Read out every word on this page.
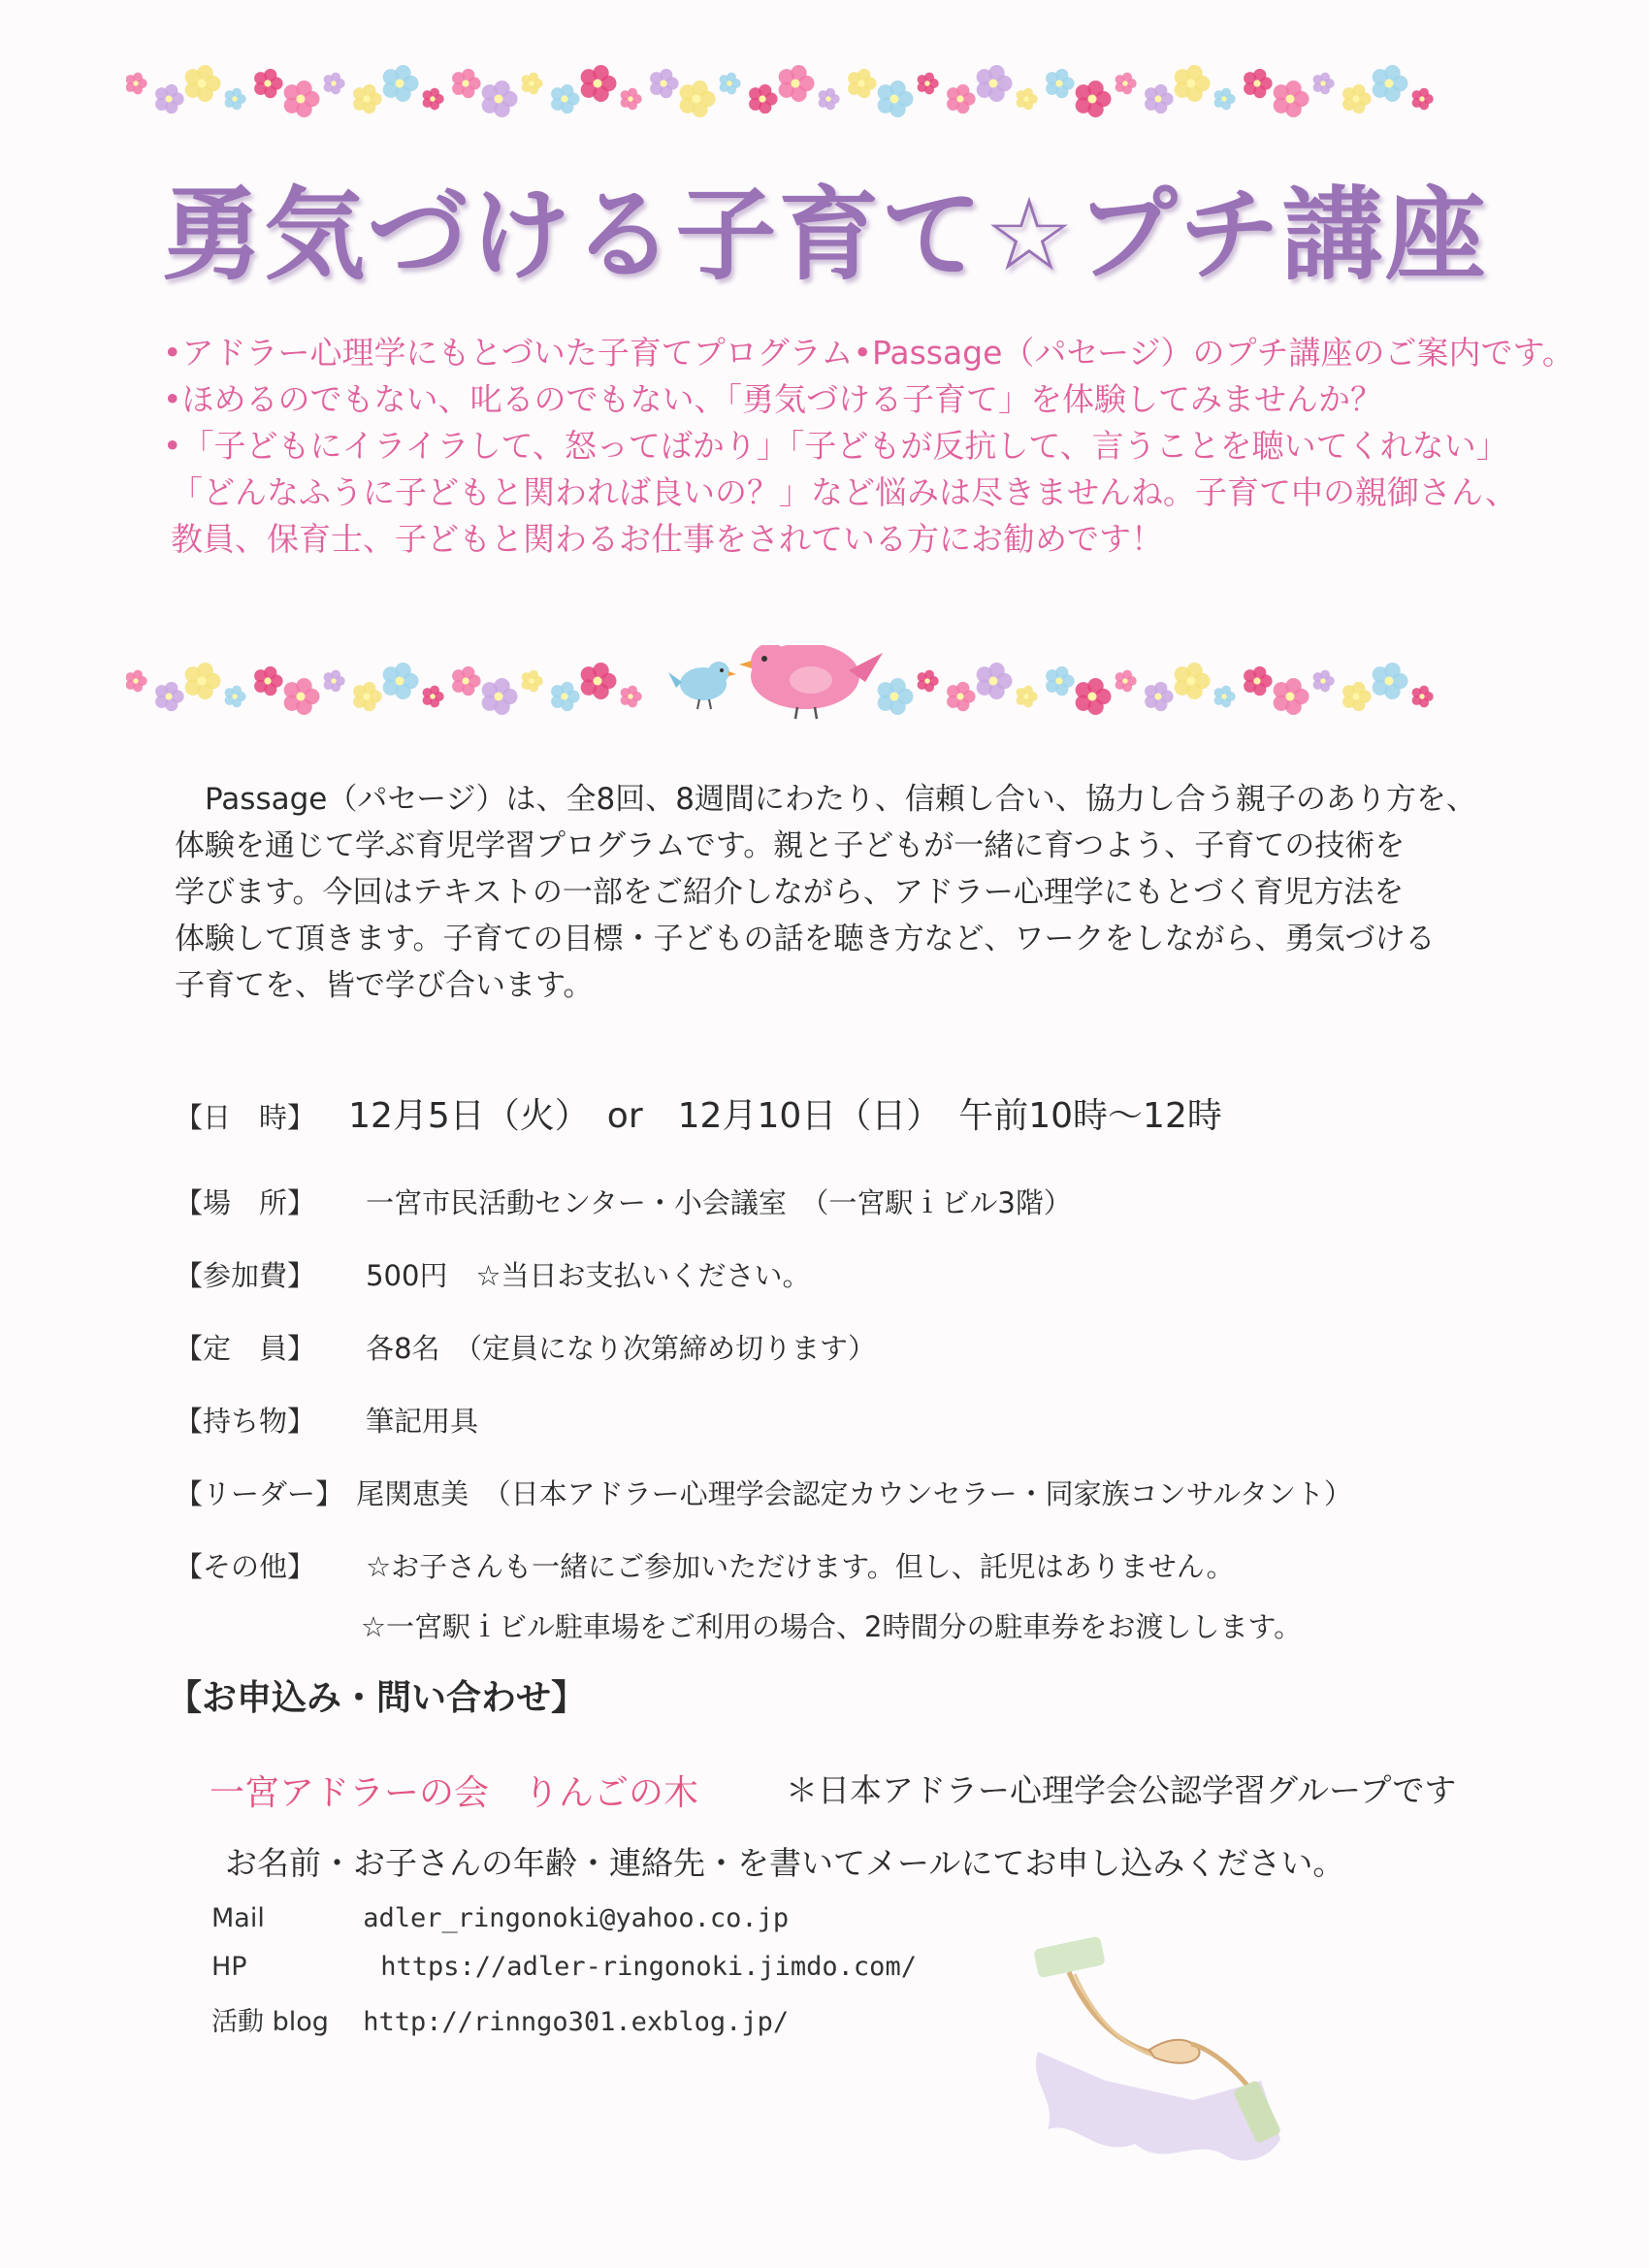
勇気づける子育て☆プチ講座
•アドラー心理学にもとづいた子育てプログラム•Passage（パセージ）のプチ講座のご案内です。
•ほめるのでもない、叱るのでもない、「勇気づける子育て」を体験してみませんか？
•「子どもにイライラして、怒ってばかり」「子どもが反抗して、言うことを聴いてくれない」
「どんなふうに子どもと関われば良いの？」など悩みは尽きませんね。子育て中の親御さん、
教員、保育士、子どもと関わるお仕事をされている方にお勧めです！
　Passage（パセージ）は、全8回、8週間にわたり、信頼し合い、協力し合う親子のあり方を、
体験を通じて学ぶ育児学習プログラムです。親と子どもが一緒に育つよう、子育ての技術を
学びます。今回はテキストの一部をご紹介しながら、アドラー心理学にもとづく育児方法を
体験して頂きます。子育ての目標・子どもの話を聴き方など、ワークをしながら、勇気づける
子育てを、皆で学び合います。
【日　時】 12月5日（火）　or　12月10日（日）　午前10時～12時
【場　所】 一宮市民活動センター・小会議室　（一宮駅ｉビル3階）
【参加費】 500円　☆当日お支払いください。
【定　員】 各8名　（定員になり次第締め切ります）
【持ち物】 筆記用具
【リーダー】 尾関恵美　（日本アドラー心理学会認定カウンセラー・同家族コンサルタント）
【その他】 ☆お子さんも一緒にご参加いただけます。但し、託児はありません。
☆一宮駅ｉビル駐車場をご利用の場合、2時間分の駐車券をお渡しします。
【お申込み・問い合わせ】
一宮アドラーの会　りんごの木	＊日本アドラー心理学会公認学習グループです
お名前・お子さんの年齢・連絡先・を書いてメールにてお申し込みください。
Mail	adler_ringonoki@yahoo.co.jp
HP	https://adler-ringonoki.jimdo.com/
活動 blog http://rinngo301.exblog.jp/
